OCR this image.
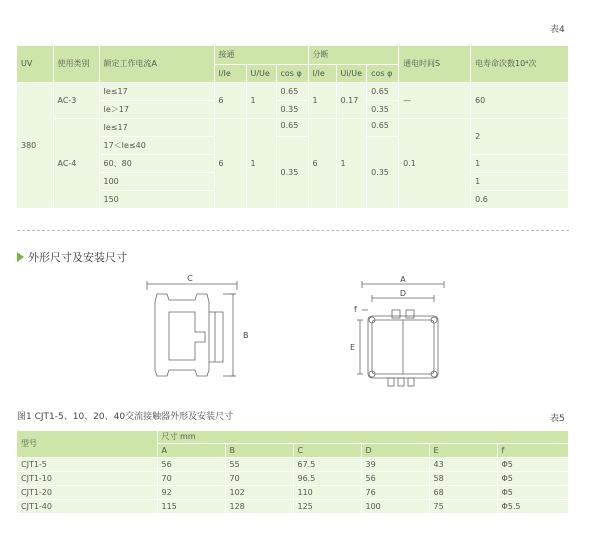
表4
UV	使用类别	额定工作电流A	接通			分断			通电时间S	电寿命次数10⁴次
			I/Ie	U/Ue	cos φ	I/Ie	Ui/Ue	cos φ		
380	AC-3	Ie≤17	6	1	0.65	1	0.17	0.65	—	60
		Ie＞17			0.35			0.35		
	AC-4	Ie≤17	6	1	0.65	6	1	0.65	0.1	2
		17＜Ie≤40			0.35			0.35		
		60、80								1
		100								1
		150								0.6
外形尺寸及安装尺寸
C
B
A
D
E
f
图1 CJT1-5、10、20、40交流接触器外形及安装尺寸	表5
型号	尺寸 mm					
	A	B	C	D	E	f
CJT1-5	56	55	67.5	39	43	Φ5
CJT1-10	70	70	96.5	56	58	Φ5
CJT1-20	92	102	110	76	68	Φ5
CJT1-40	115	128	125	100	75	Φ5.5
